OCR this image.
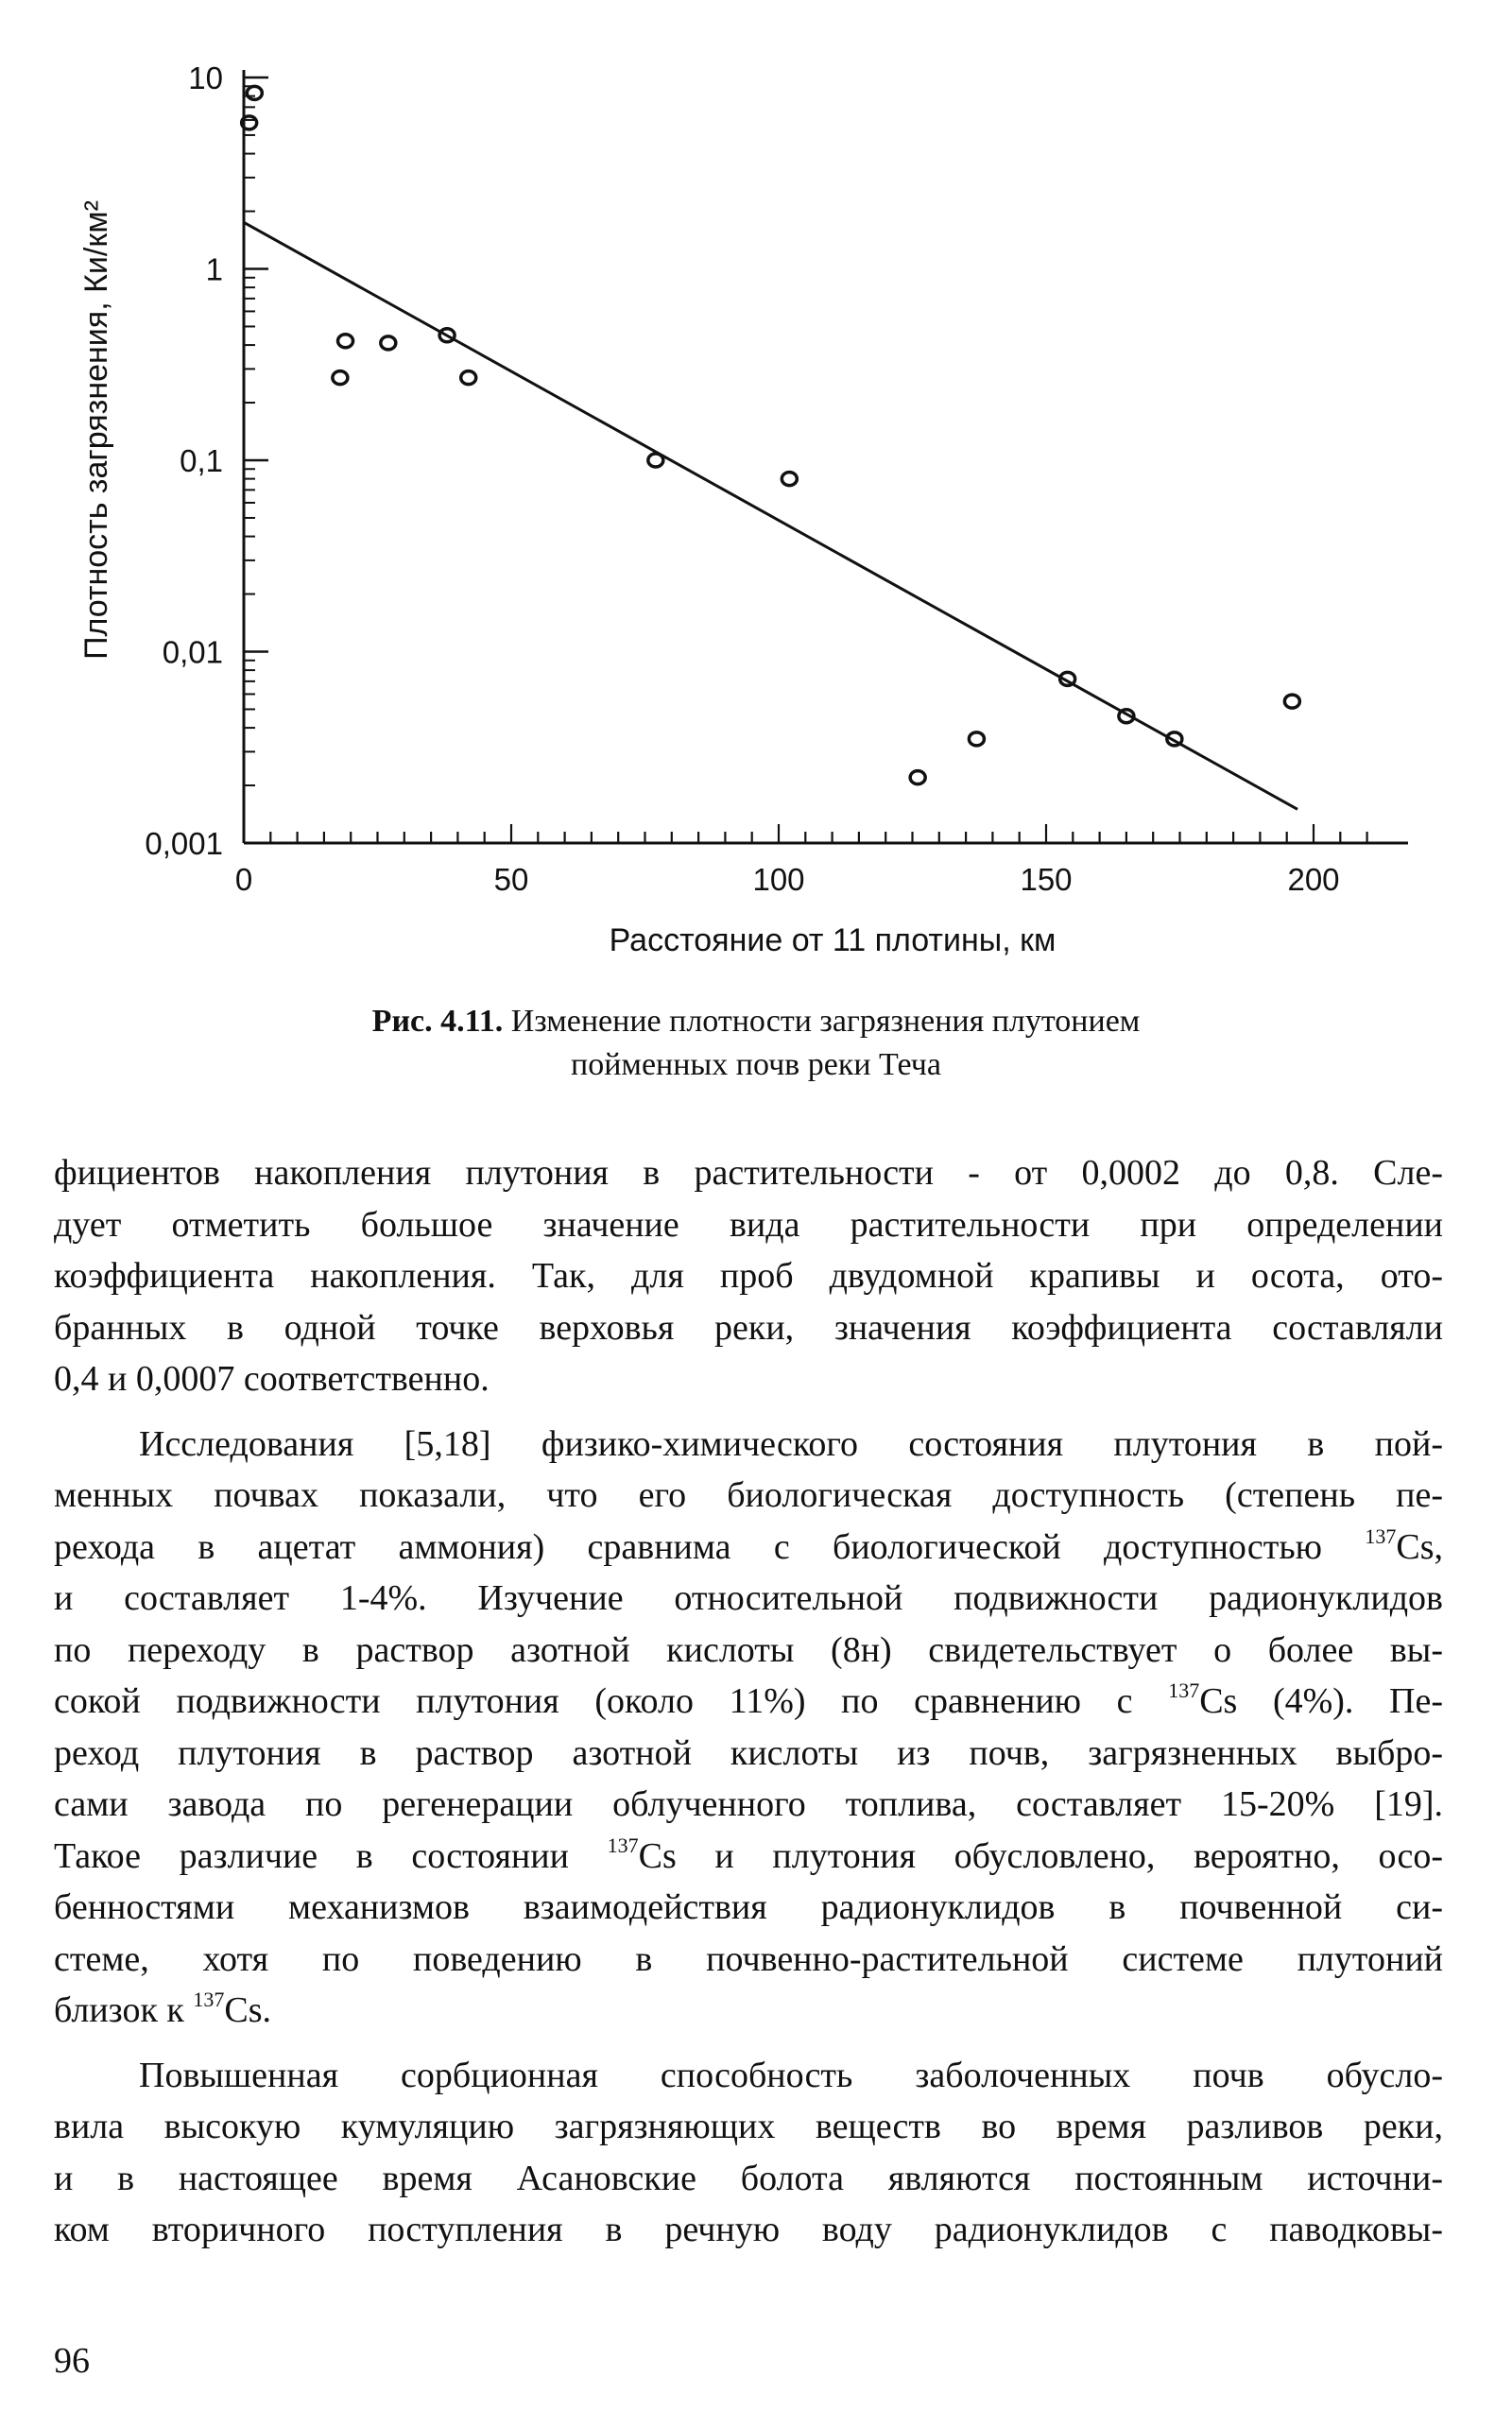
0,001
0,01
0,1
1
10
0	50	100	150	200
Расстояние от 11 плотины, км
Плотность загрязнения, Ки/км²
Рис. 4.11. Изменение плотности загрязнения плутонием
пойменных почв реки Теча

фициентов накопления плутония в растительности - от 0,0002 до 0,8. Сле-
дует отметить большое значение вида растительности при определении
коэффициента накопления. Так, для проб двудомной крапивы и осота, ото-
бранных в одной точке верховья реки, значения коэффициента составляли
0,4 и 0,0007 соответственно.

Исследования [5,18] физико-химического состояния плутония в пой-
менных почвах показали, что его биологическая доступность (степень пе-
рехода в ацетат аммония) сравнима с биологической доступностью $^{137}$Cs,
и составляет 1-4%. Изучение относительной подвижности радионуклидов
по переходу в раствор азотной кислоты (8н) свидетельствует о более вы-
сокой подвижности плутония (около 11%) по сравнению с $^{137}$Cs (4%). Пе-
реход плутония в раствор азотной кислоты из почв, загрязненных выбро-
сами завода по регенерации облученного топлива, составляет 15-20% [19].
Такое различие в состоянии $^{137}$Cs и плутония обусловлено, вероятно, осо-
бенностями механизмов взаимодействия радионуклидов в почвенной си-
стеме, хотя по поведению в почвенно-растительной системе плутоний
близок к $^{137}$Cs.

Повышенная сорбционная способность заболоченных почв обусло-
вила высокую кумуляцию загрязняющих веществ во время разливов реки,
и в настоящее время Асановские болота являются постоянным источни-
ком вторичного поступления в речную воду радионуклидов с паводковы-

96
